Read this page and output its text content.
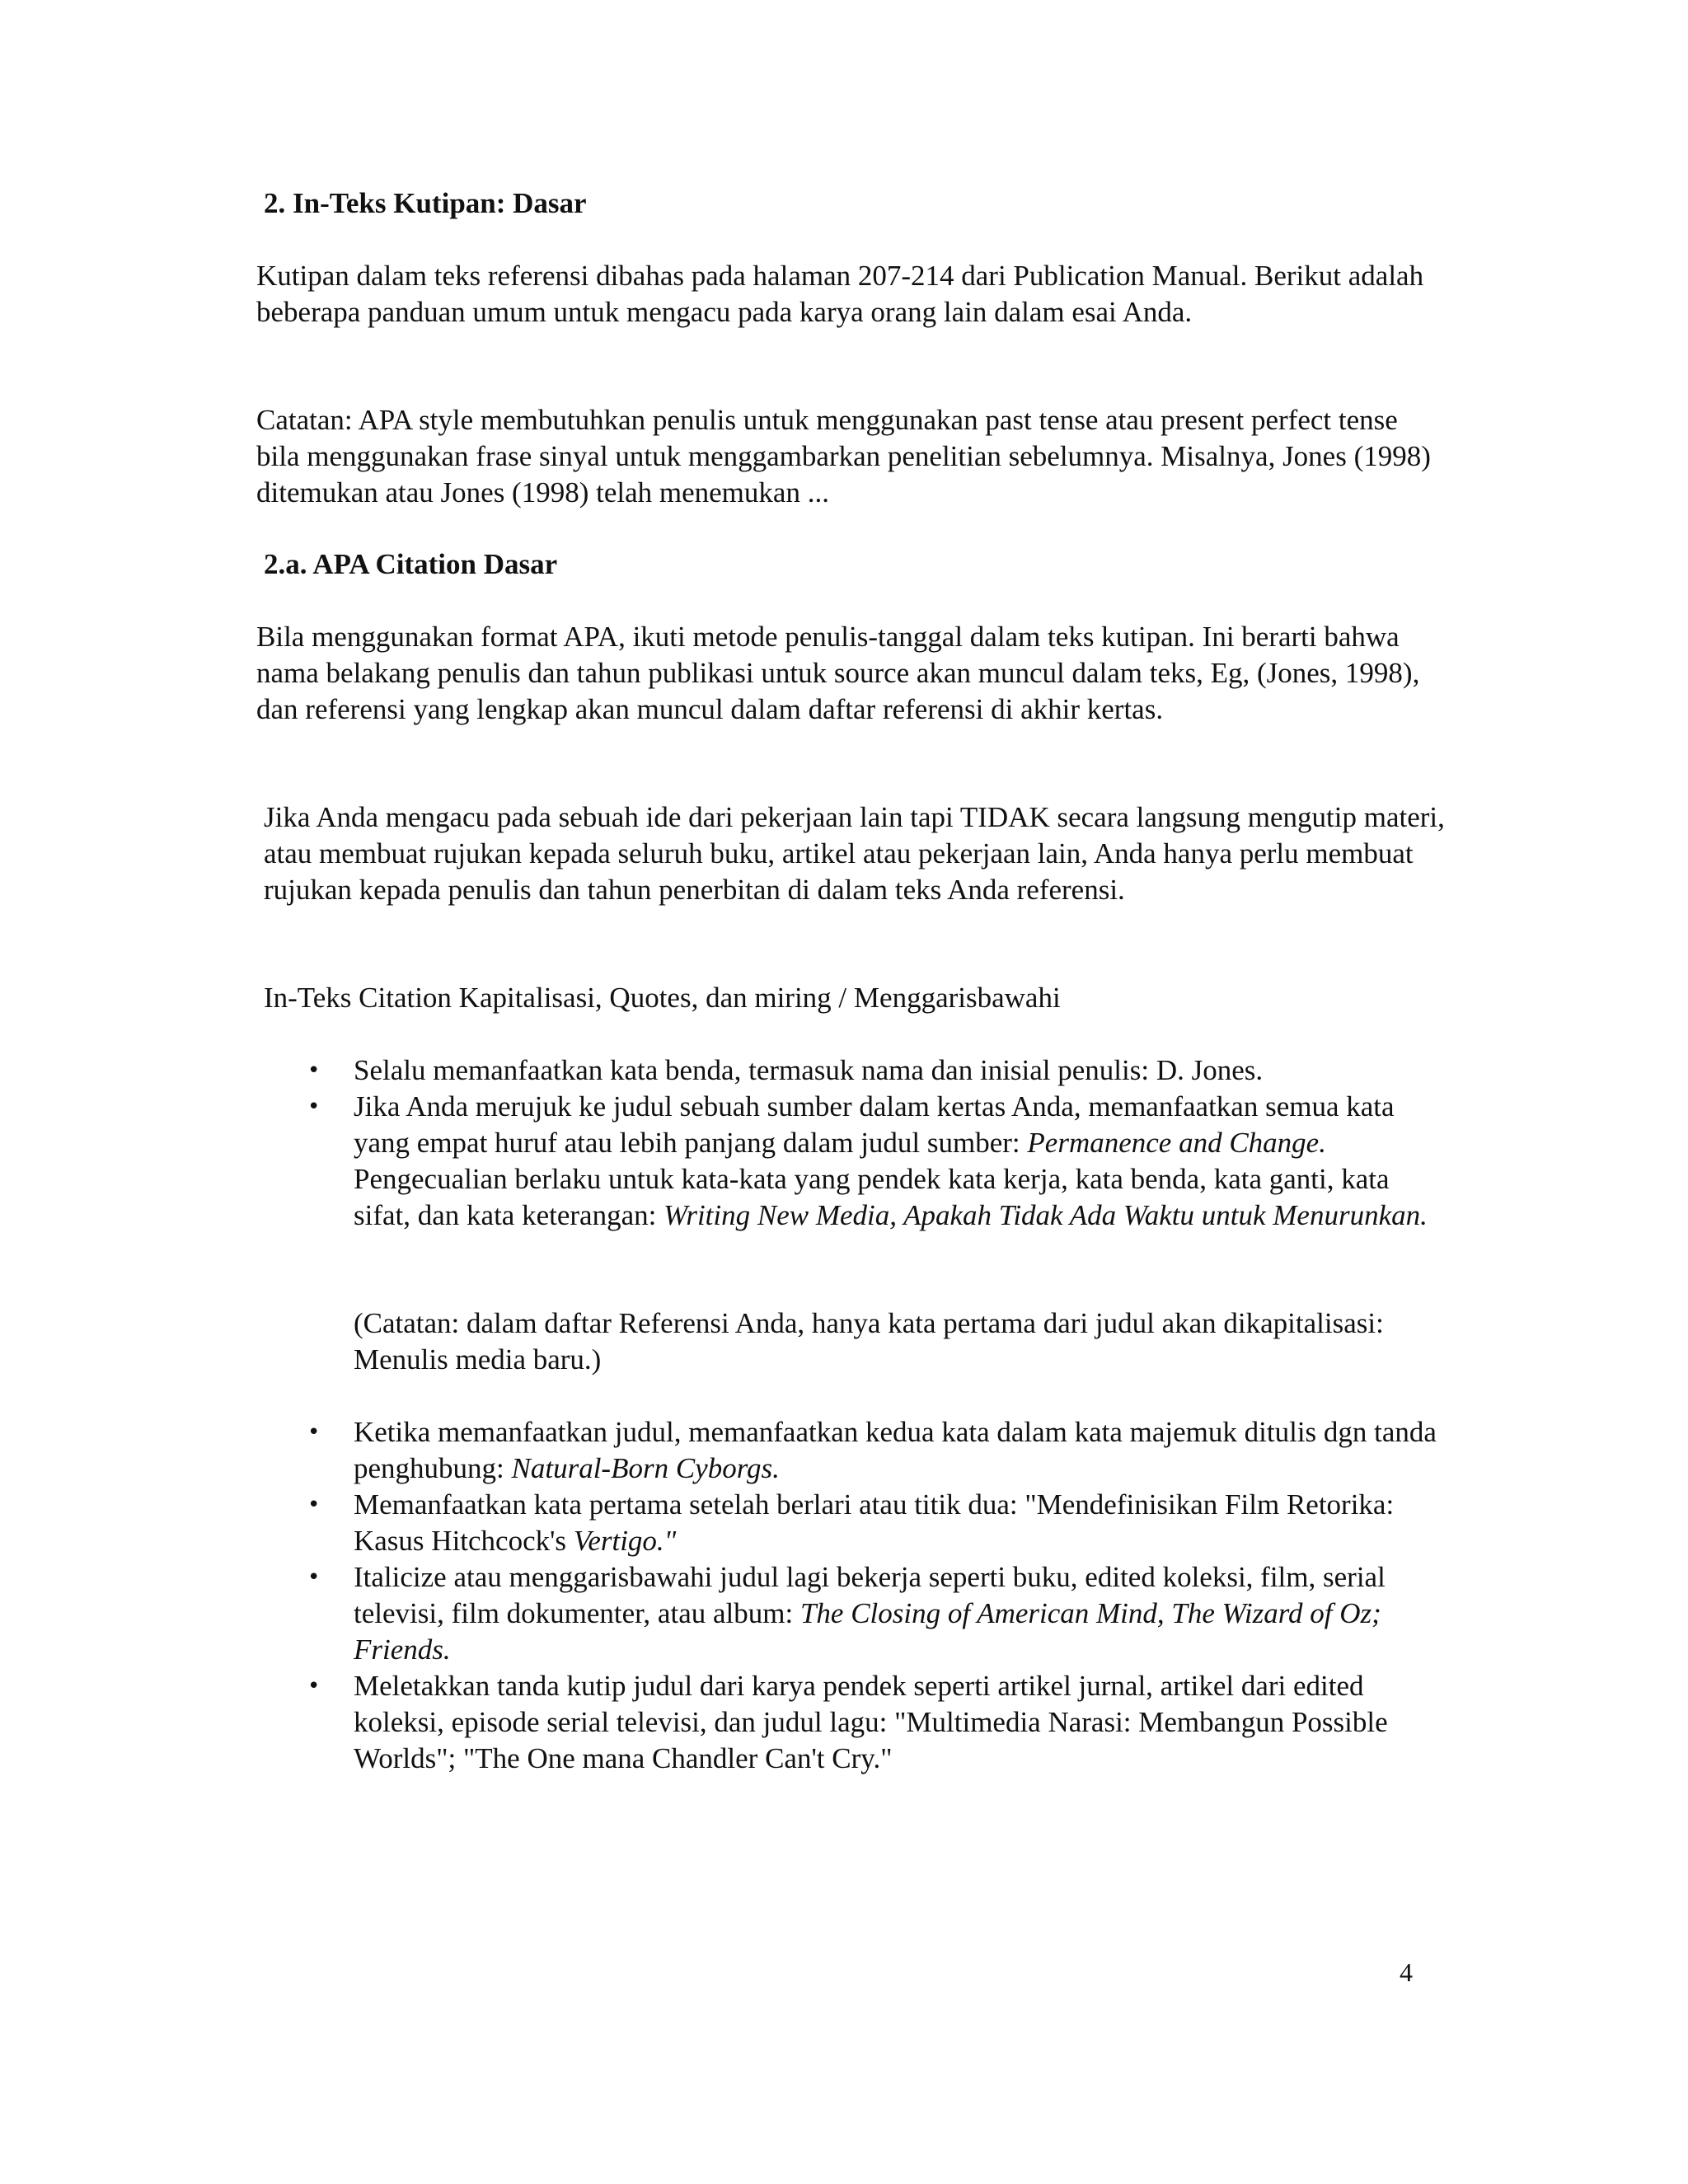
2. In-Teks Kutipan: Dasar

Kutipan dalam teks referensi dibahas pada halaman 207-214 dari Publication Manual. Berikut adalah beberapa panduan umum untuk mengacu pada karya orang lain dalam esai Anda.

Catatan: APA style membutuhkan penulis untuk menggunakan past tense atau present perfect tense bila menggunakan frase sinyal untuk menggambarkan penelitian sebelumnya. Misalnya, Jones (1998) ditemukan atau Jones (1998) telah menemukan ...

2.a. APA Citation Dasar

Bila menggunakan format APA, ikuti metode penulis-tanggal dalam teks kutipan. Ini berarti bahwa nama belakang penulis dan tahun publikasi untuk source akan muncul dalam teks, Eg, (Jones, 1998), dan referensi yang lengkap akan muncul dalam daftar referensi di akhir kertas.

Jika Anda mengacu pada sebuah ide dari pekerjaan lain tapi TIDAK secara langsung mengutip materi, atau membuat rujukan kepada seluruh buku, artikel atau pekerjaan lain, Anda hanya perlu membuat rujukan kepada penulis dan tahun penerbitan di dalam teks Anda referensi.

In-Teks Citation Kapitalisasi, Quotes, dan miring / Menggarisbawahi

• Selalu memanfaatkan kata benda, termasuk nama dan inisial penulis: D. Jones.
• Jika Anda merujuk ke judul sebuah sumber dalam kertas Anda, memanfaatkan semua kata yang empat huruf atau lebih panjang dalam judul sumber: Permanence and Change. Pengecualian berlaku untuk kata-kata yang pendek kata kerja, kata benda, kata ganti, kata sifat, dan kata keterangan: Writing New Media, Apakah Tidak Ada Waktu untuk Menurunkan.

(Catatan: dalam daftar Referensi Anda, hanya kata pertama dari judul akan dikapitalisasi: Menulis media baru.)

• Ketika memanfaatkan judul, memanfaatkan kedua kata dalam kata majemuk ditulis dgn tanda penghubung: Natural-Born Cyborgs.
• Memanfaatkan kata pertama setelah berlari atau titik dua: "Mendefinisikan Film Retorika: Kasus Hitchcock's Vertigo."
• Italicize atau menggarisbawahi judul lagi bekerja seperti buku, edited koleksi, film, serial televisi, film dokumenter, atau album: The Closing of American Mind, The Wizard of Oz; Friends.
• Meletakkan tanda kutip judul dari karya pendek seperti artikel jurnal, artikel dari edited koleksi, episode serial televisi, dan judul lagu: "Multimedia Narasi: Membangun Possible Worlds"; "The One mana Chandler Can't Cry."
4
